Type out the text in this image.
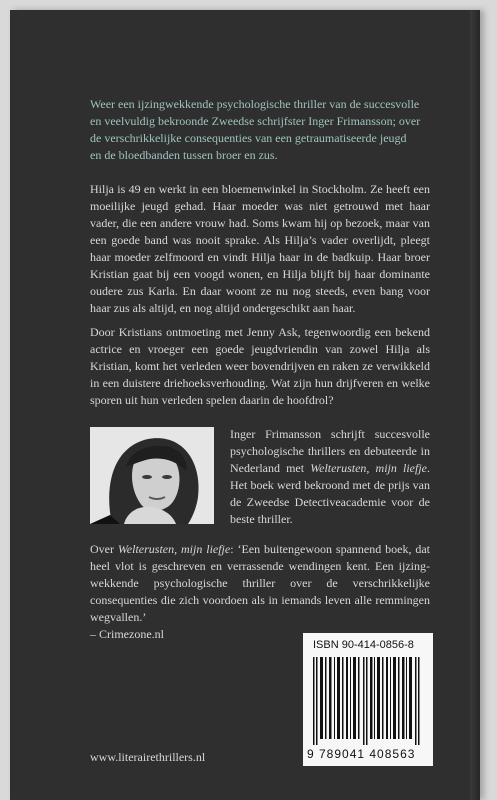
Weer een ijzingwekkende psychologische thriller van de succesvolle
en veelvuldig bekroonde Zweedse schrijfster Inger Frimansson; over
de verschrikkelijke consequenties van een getraumatiseerde jeugd
en de bloedbanden tussen broer en zus.

Hilja is 49 en werkt in een bloemenwinkel in Stockholm. Ze heeft een moeilijke jeugd gehad. Haar moeder was niet getrouwd met haar vader, die een andere vrouw had. Soms kwam hij op bezoek, maar van een goede band was nooit sprake. Als Hilja’s vader overlijdt, pleegt haar moeder zelfmoord en vindt Hilja haar in de badkuip. Haar broer Kristian gaat bij een voogd wonen, en Hilja blijft bij haar dominante oudere zus Karla. En daar woont ze nu nog steeds, even bang voor haar zus als altijd, en nog altijd ondergeschikt aan haar.

Door Kristians ontmoeting met Jenny Ask, tegenwoordig een bekend actrice en vroeger een goede jeugdvriendin van zowel Hilja als Kristian, komt het verleden weer bovendrijven en raken ze verwikkeld in een duistere driehoeksverhouding. Wat zijn hun drijfveren en welke sporen uit hun verleden spelen daarin de hoofdrol?

Inger Frimansson schrijft succesvolle psychologische thrillers en debuteerde in Nederland met Welterusten, mijn liefje. Het boek werd bekroond met de prijs van de Zweedse Detectiveacademie voor de beste thriller.

Over Welterusten, mijn liefje: ‘Een buitengewoon spannend boek, dat heel vlot is geschreven en verrassende wendingen kent. Een ijzing-wekkende psychologische thriller over de verschrikkelijke consequenties die zich voordoen als in iemands leven alle remmingen wegvallen.’
– Crimezone.nl

ISBN 90-414-0856-8
9 789041 408563
www.literairethrillers.nl
